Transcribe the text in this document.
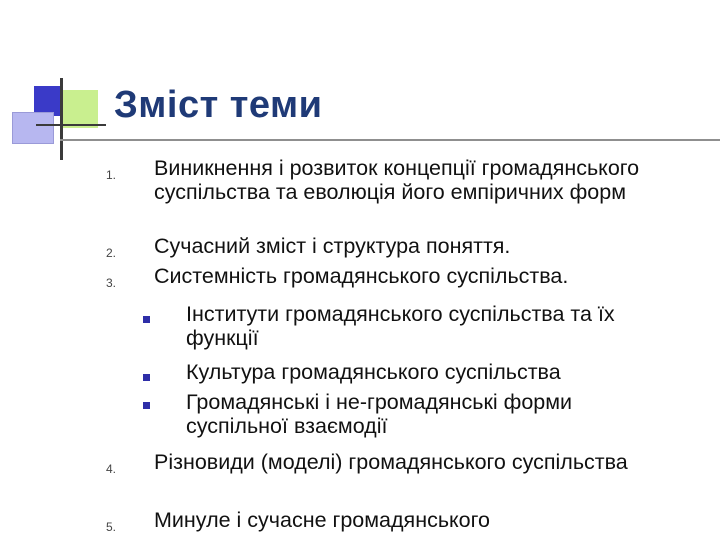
Зміст теми
1. Виникнення і розвиток концепції громадянського суспільства та еволюція його емпіричних форм
2. Сучасний зміст і структура поняття.
3. Системність громадянського суспільства.
Інститути громадянського суспільства та їх функції
Культура громадянського суспільства
Громадянські і не-громадянські форми суспільної взаємодії
4. Різновиди (моделі) громадянського суспільства
5. Минуле і сучасне громадянського
